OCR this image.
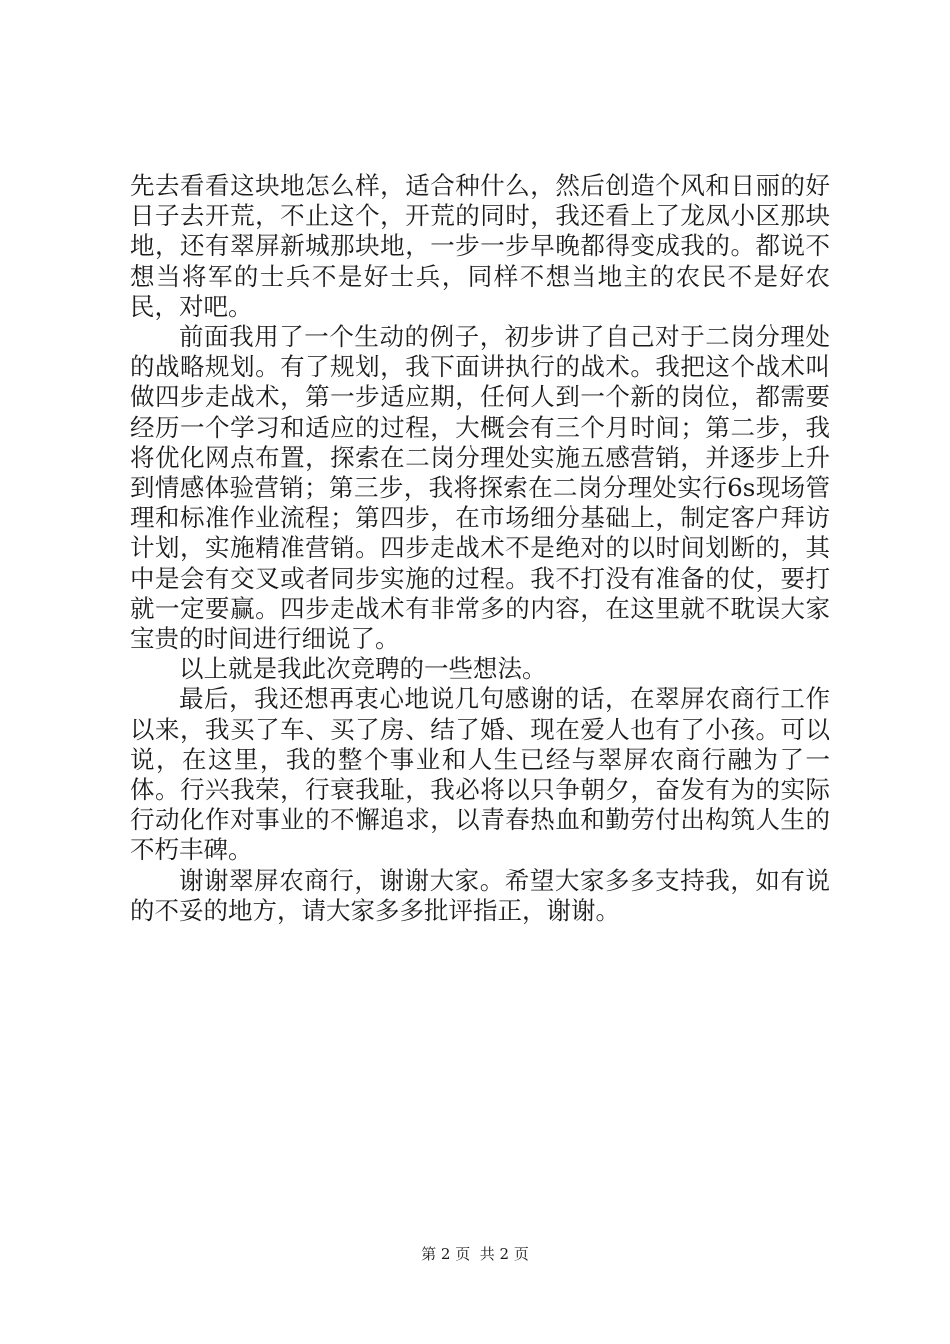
先去看看这块地怎么样，适合种什么，然后创造个风和日丽的好日子去开荒，不止这个，开荒的同时，我还看上了龙凤小区那块地，还有翠屏新城那块地，一步一步早晚都得变成我的。都说不想当将军的士兵不是好士兵，同样不想当地主的农民不是好农民，对吧。

前面我用了一个生动的例子，初步讲了自己对于二岗分理处的战略规划。有了规划，我下面讲执行的战术。我把这个战术叫做四步走战术，第一步适应期，任何人到一个新的岗位，都需要经历一个学习和适应的过程，大概会有三个月时间；第二步，我将优化网点布置，探索在二岗分理处实施五感营销，并逐步上升到情感体验营销；第三步，我将探索在二岗分理处实行6s现场管理和标准作业流程；第四步，在市场细分基础上，制定客户拜访计划，实施精准营销。四步走战术不是绝对的以时间划断的，其中是会有交叉或者同步实施的过程。我不打没有准备的仗，要打就一定要赢。四步走战术有非常多的内容，在这里就不耽误大家宝贵的时间进行细说了。

以上就是我此次竞聘的一些想法。

最后，我还想再衷心地说几句感谢的话，在翠屏农商行工作以来，我买了车、买了房、结了婚、现在爱人也有了小孩。可以说，在这里，我的整个事业和人生已经与翠屏农商行融为了一体。行兴我荣，行衰我耻，我必将以只争朝夕，奋发有为的实际行动化作对事业的不懈追求，以青春热血和勤劳付出构筑人生的不朽丰碑。

谢谢翠屏农商行，谢谢大家。希望大家多多支持我，如有说的不妥的地方，请大家多多批评指正，谢谢。

第 2 页  共 2 页
